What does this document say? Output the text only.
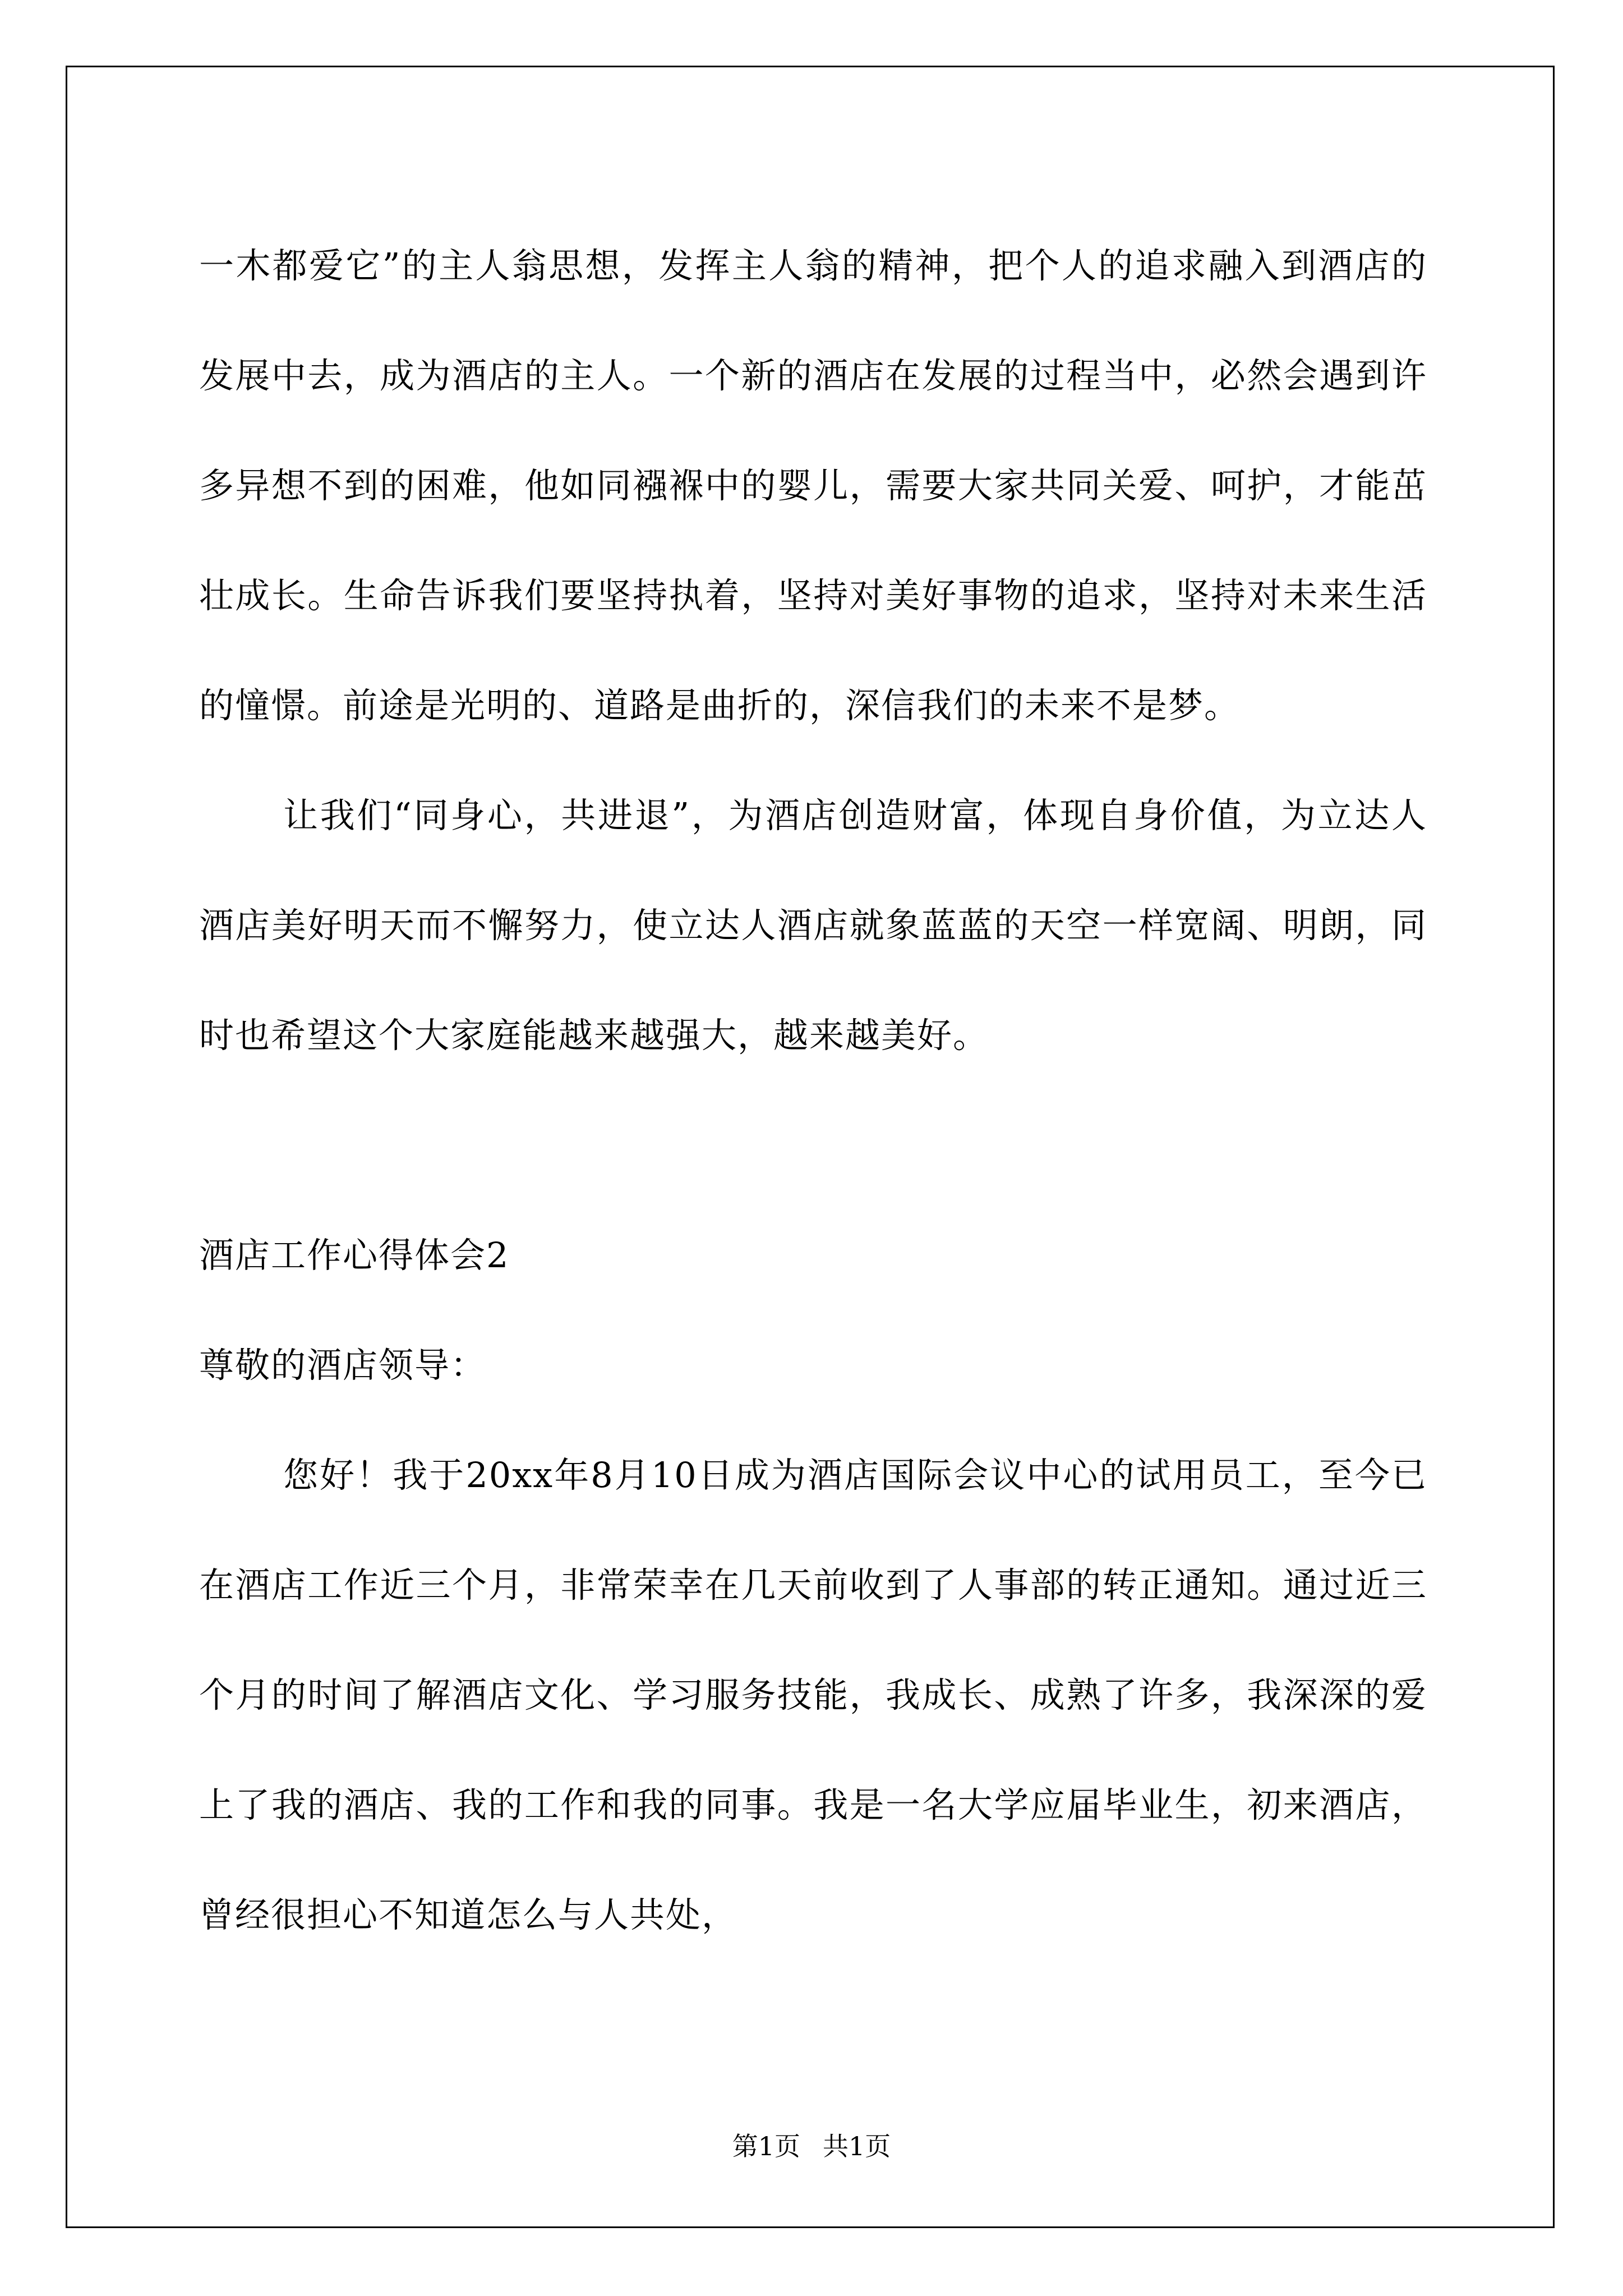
一木都爱它”的主人翁思想，发挥主人翁的精神，把个人的追求融入到酒店的发展中去，成为酒店的主人。一个新的酒店在发展的过程当中，必然会遇到许多异想不到的困难，他如同襁褓中的婴儿，需要大家共同关爱、呵护，才能茁壮成长。生命告诉我们要坚持执着，坚持对美好事物的追求，坚持对未来生活的憧憬。前途是光明的、道路是曲折的，深信我们的未来不是梦。

让我们“同身心，共进退”，为酒店创造财富，体现自身价值，为立达人酒店美好明天而不懈努力，使立达人酒店就象蓝蓝的天空一样宽阔、明朗，同时也希望这个大家庭能越来越强大，越来越美好。

酒店工作心得体会2

尊敬的酒店领导：

您好！我于20xx年8月10日成为酒店国际会议中心的试用员工，至今已在酒店工作近三个月，非常荣幸在几天前收到了人事部的转正通知。通过近三个月的时间了解酒店文化、学习服务技能，我成长、成熟了许多，我深深的爱上了我的酒店、我的工作和我的同事。我是一名大学应届毕业生，初来酒店，曾经很担心不知道怎么与人共处，

第1页 共1页
